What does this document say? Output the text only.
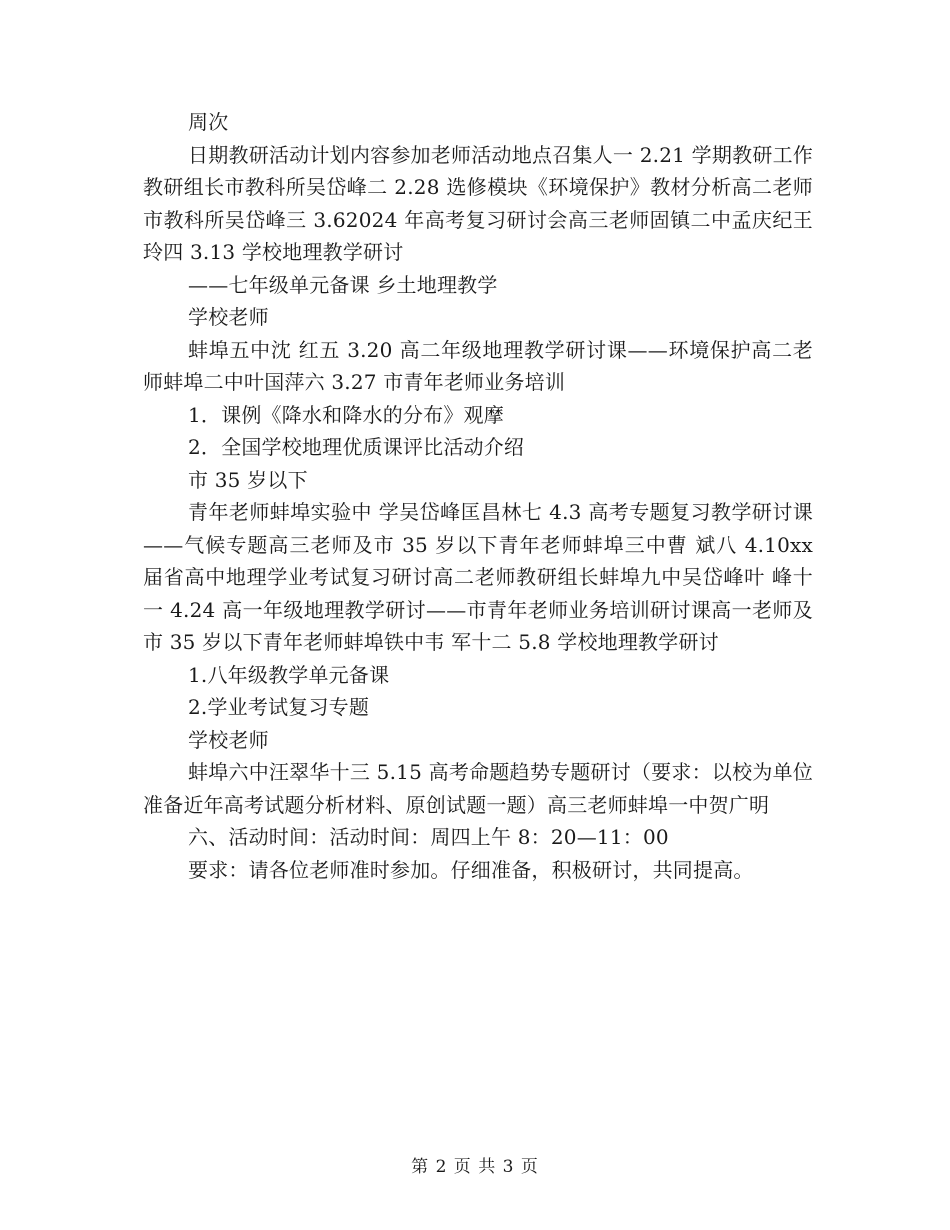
周次

日期教研活动计划内容参加老师活动地点召集人一 2.21 学期教研工作教研组长市教科所吴岱峰二 2.28 选修模块《环境保护》教材分析高二老师市教科所吴岱峰三 3.62024 年高考复习研讨会高三老师固镇二中孟庆纪王 玲四 3.13 学校地理教学研讨

——七年级单元备课 乡土地理教学

学校老师

蚌埠五中沈 红五 3.20 高二年级地理教学研讨课——环境保护高二老师蚌埠二中叶国萍六 3.27 市青年老师业务培训

1．课例《降水和降水的分布》观摩

2．全国学校地理优质课评比活动介绍

市 35 岁以下

青年老师蚌埠实验中 学吴岱峰匡昌林七 4.3 高考专题复习教学研讨课——气候专题高三老师及市 35 岁以下青年老师蚌埠三中曹 斌八 4.10xx 届省高中地理学业考试复习研讨高二老师教研组长蚌埠九中吴岱峰叶 峰十一 4.24 高一年级地理教学研讨——市青年老师业务培训研讨课高一老师及市 35 岁以下青年老师蚌埠铁中韦 军十二 5.8 学校地理教学研讨

1.八年级教学单元备课

2.学业考试复习专题

学校老师

蚌埠六中汪翠华十三 5.15 高考命题趋势专题研讨（要求：以校为单位准备近年高考试题分析材料、原创试题一题）高三老师蚌埠一中贺广明

六、活动时间：活动时间：周四上午 8：20—11：00

要求：请各位老师准时参加。仔细准备，积极研讨，共同提高。

第 2 页 共 3 页
